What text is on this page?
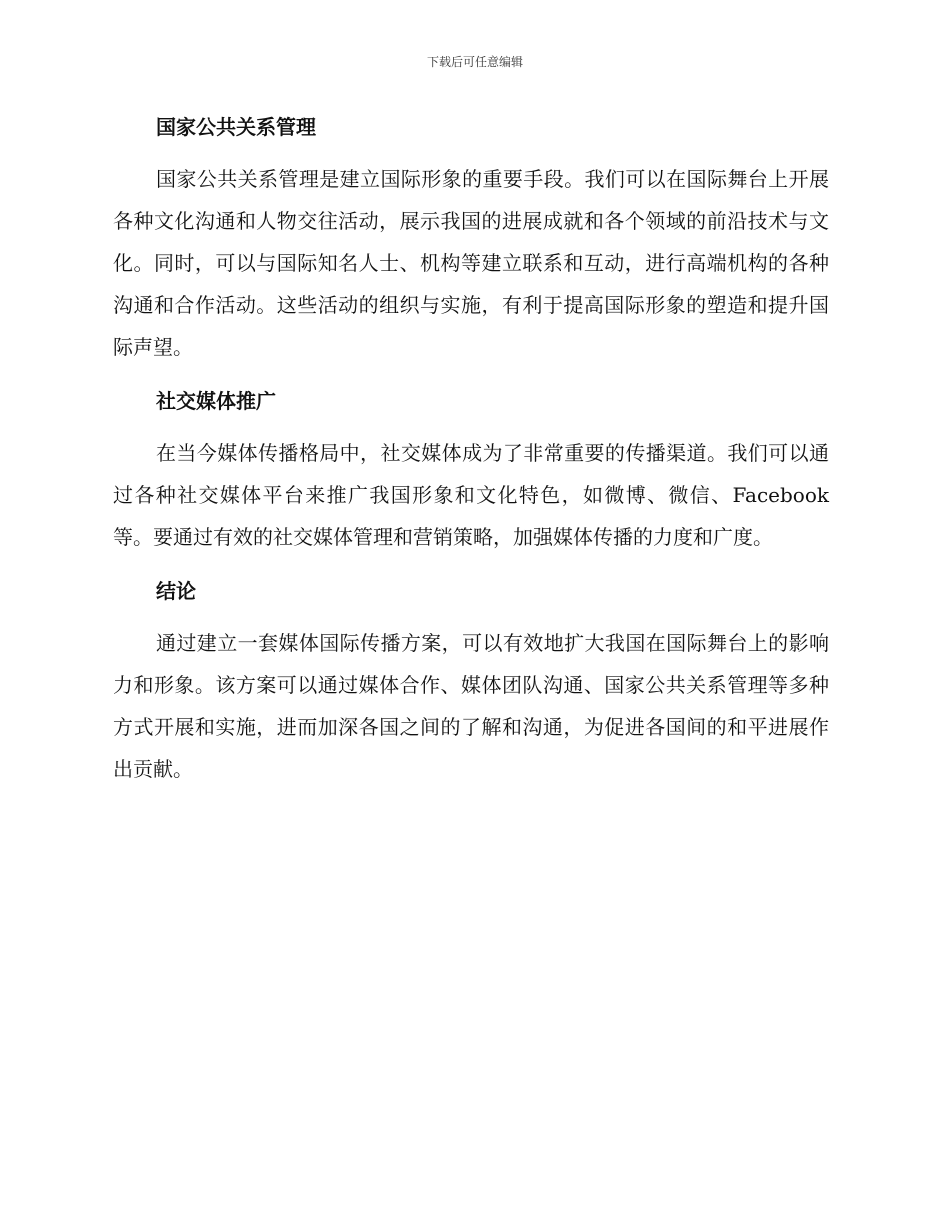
下载后可任意编辑
国家公共关系管理

国家公共关系管理是建立国际形象的重要手段。我们可以在国际舞台上开展各种文化沟通和人物交往活动，展示我国的进展成就和各个领域的前沿技术与文化。同时，可以与国际知名人士、机构等建立联系和互动，进行高端机构的各种沟通和合作活动。这些活动的组织与实施，有利于提高国际形象的塑造和提升国际声望。

社交媒体推广

在当今媒体传播格局中，社交媒体成为了非常重要的传播渠道。我们可以通过各种社交媒体平台来推广我国形象和文化特色，如微博、微信、Facebook 等。要通过有效的社交媒体管理和营销策略，加强媒体传播的力度和广度。

结论

通过建立一套媒体国际传播方案，可以有效地扩大我国在国际舞台上的影响力和形象。该方案可以通过媒体合作、媒体团队沟通、国家公共关系管理等多种方式开展和实施，进而加深各国之间的了解和沟通，为促进各国间的和平进展作出贡献。
